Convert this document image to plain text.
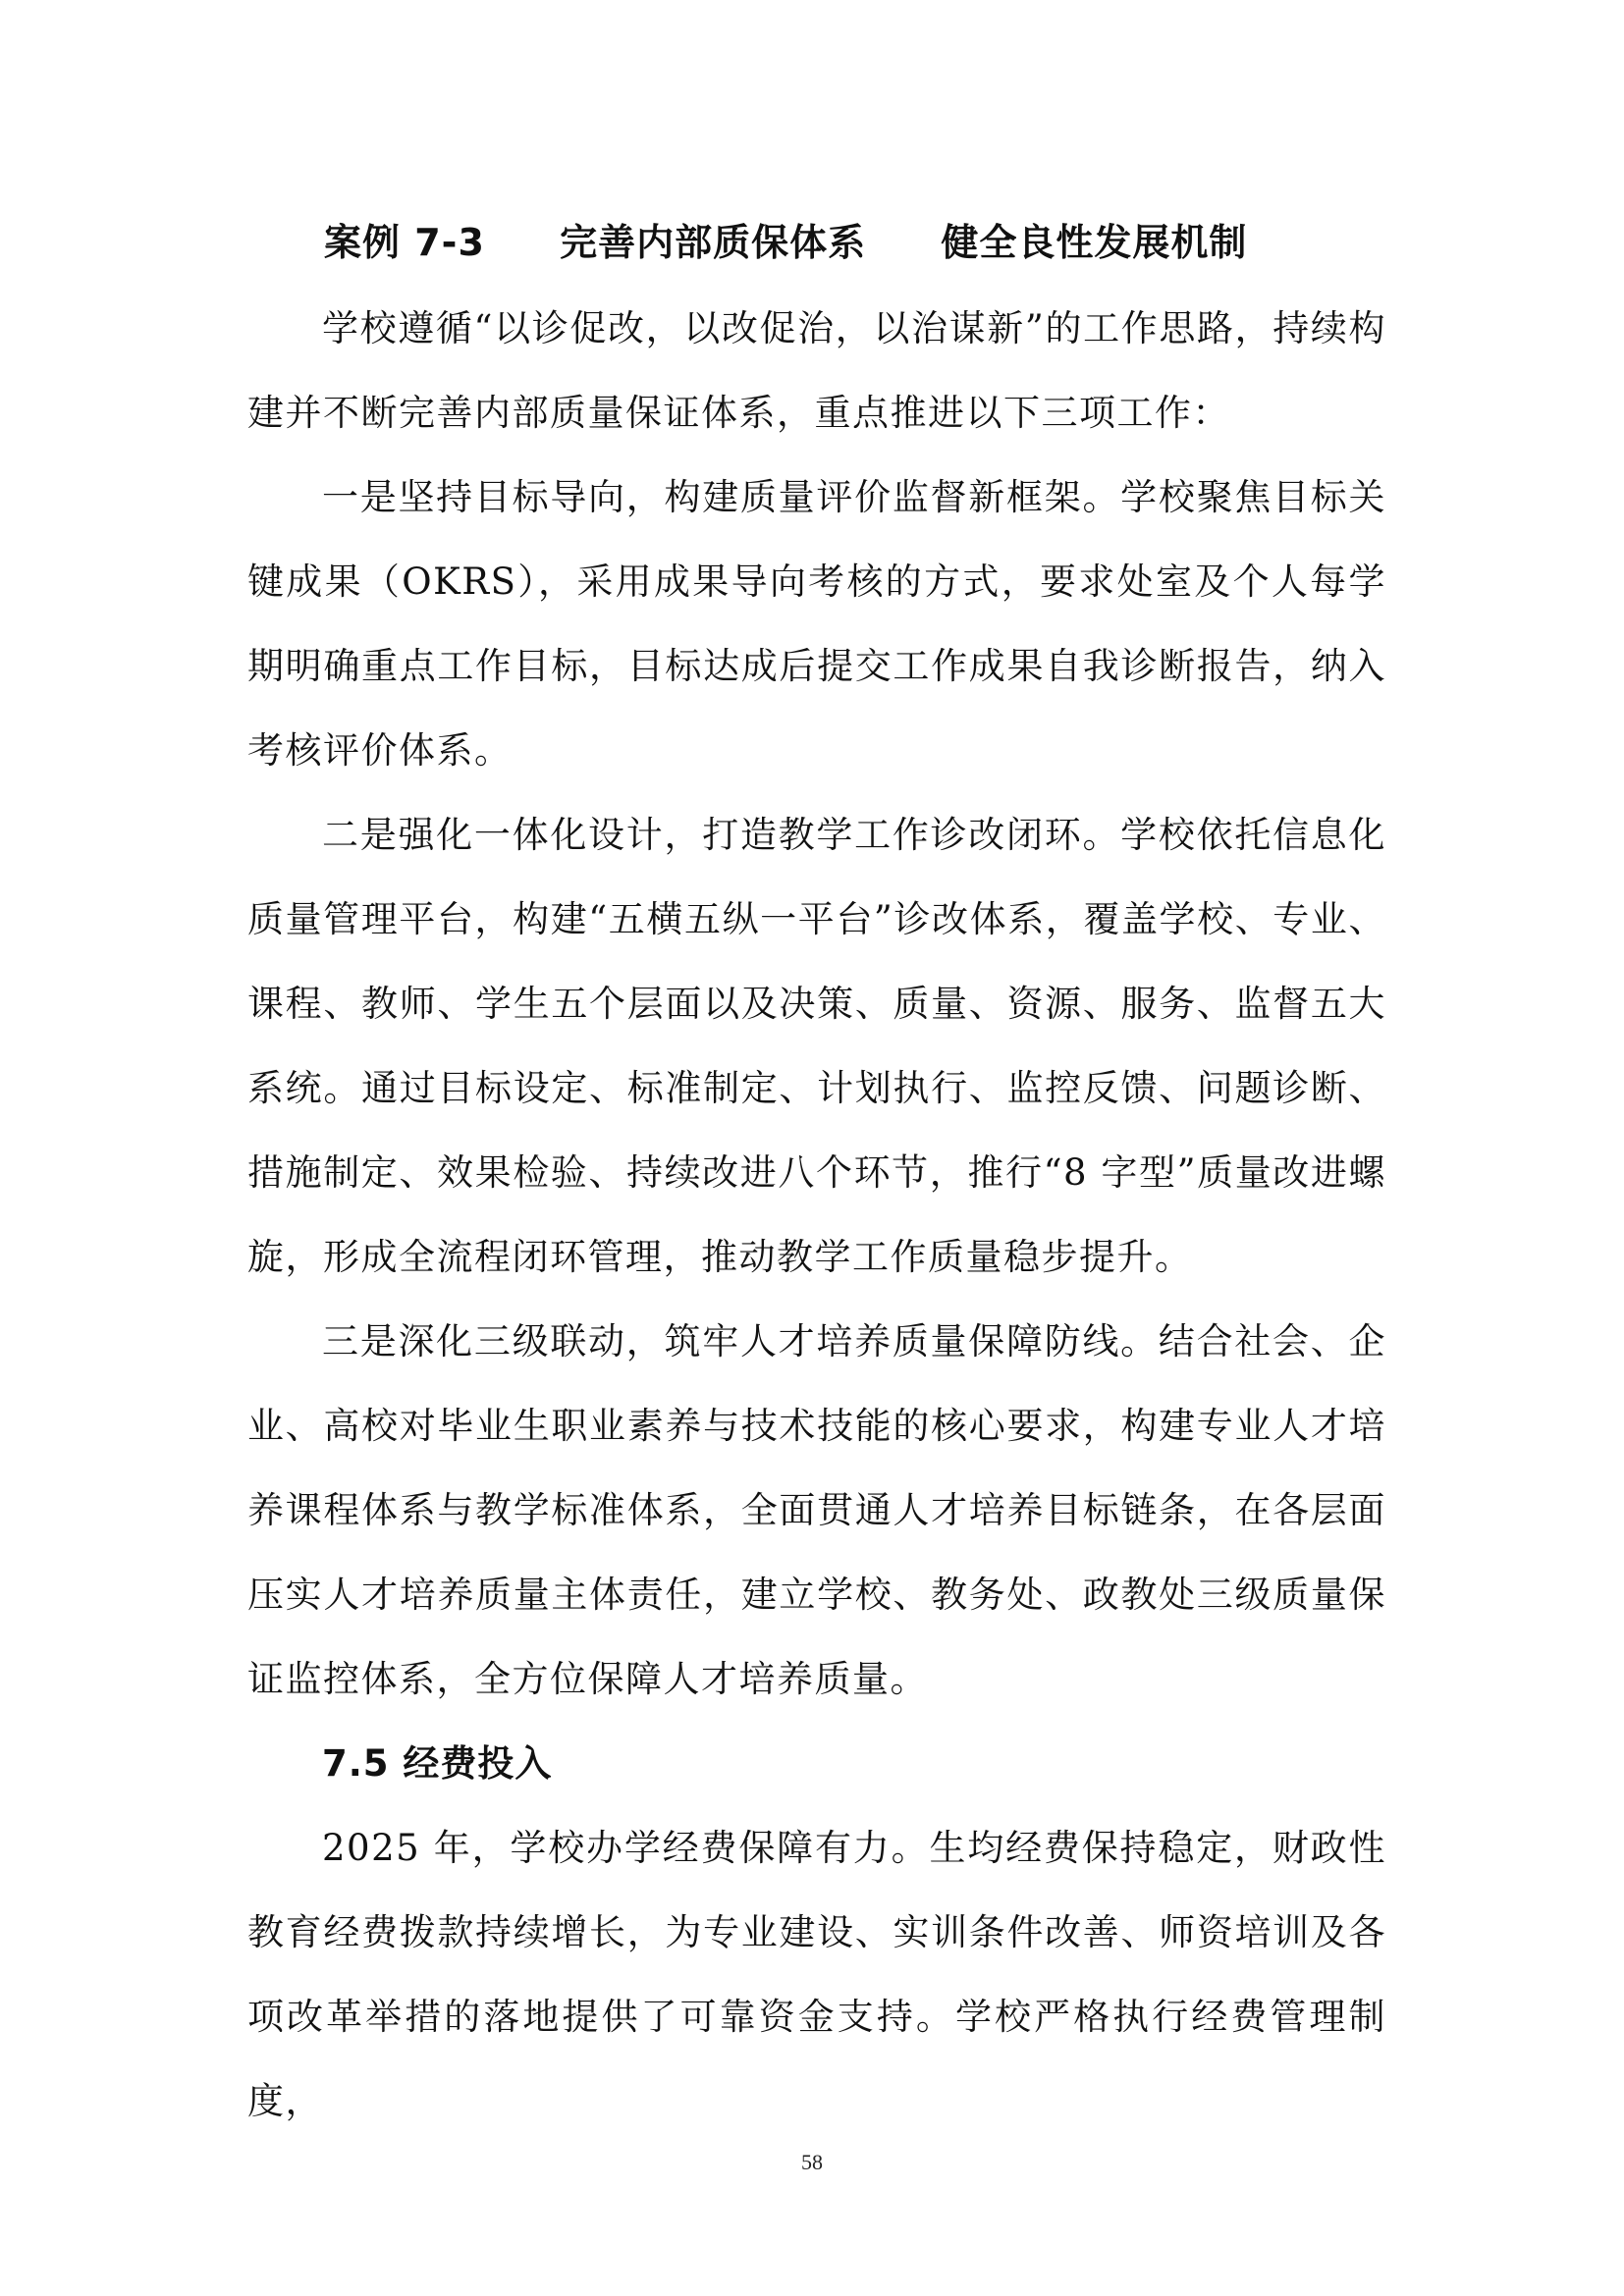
案例 7-3 完善内部质保体系 健全良性发展机制

学校遵循“以诊促改，以改促治，以治谋新”的工作思路，持续构建并不断完善内部质量保证体系，重点推进以下三项工作：

一是坚持目标导向，构建质量评价监督新框架。学校聚焦目标关键成果（OKRS），采用成果导向考核的方式，要求处室及个人每学期明确重点工作目标，目标达成后提交工作成果自我诊断报告，纳入考核评价体系。

二是强化一体化设计，打造教学工作诊改闭环。学校依托信息化质量管理平台，构建“五横五纵一平台”诊改体系，覆盖学校、专业、课程、教师、学生五个层面以及决策、质量、资源、服务、监督五大系统。通过目标设定、标准制定、计划执行、监控反馈、问题诊断、措施制定、效果检验、持续改进八个环节，推行“8 字型”质量改进螺旋，形成全流程闭环管理，推动教学工作质量稳步提升。

三是深化三级联动，筑牢人才培养质量保障防线。结合社会、企业、高校对毕业生职业素养与技术技能的核心要求，构建专业人才培养课程体系与教学标准体系，全面贯通人才培养目标链条，在各层面压实人才培养质量主体责任，建立学校、教务处、政教处三级质量保证监控体系，全方位保障人才培养质量。

7.5 经费投入

2025 年，学校办学经费保障有力。生均经费保持稳定，财政性教育经费拨款持续增长，为专业建设、实训条件改善、师资培训及各项改革举措的落地提供了可靠资金支持。学校严格执行经费管理制度，

58
